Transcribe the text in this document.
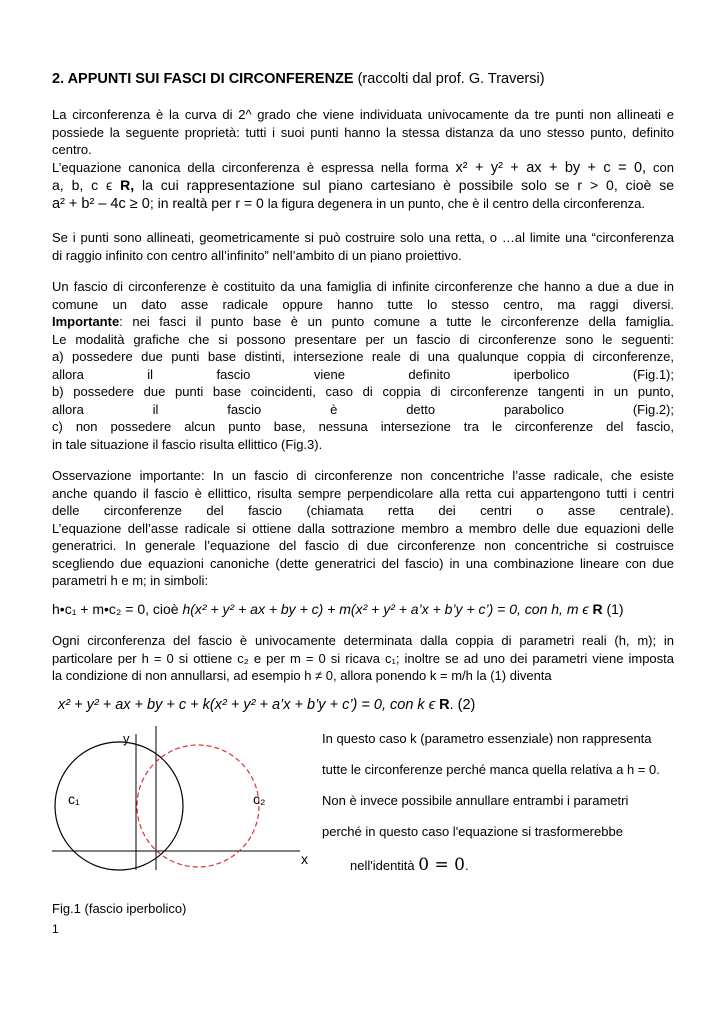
2. APPUNTI SUI FASCI DI CIRCONFERENZE (raccolti dal prof. G. Traversi)
La circonferenza è la curva di 2^ grado che viene individuata univocamente da tre punti non allineati e
possiede la seguente proprietà: tutti i suoi punti hanno la stessa distanza da uno stesso punto, definito
centro.
L’equazione canonica della circonferenza è espressa nella forma x² + y² + ax + by + c = 0, con
a, b, c ϵ R, la cui rappresentazione sul piano cartesiano è possibile solo se r > 0, cioè se
a² + b² – 4c ≥ 0; in realtà per r = 0 la figura degenera in un punto, che è il centro della circonferenza.
Se i punti sono allineati, geometricamente si può costruire solo una retta, o …al limite una “circonferenza
di raggio infinito con centro all’infinito” nell’ambito di un piano proiettivo.
Un fascio di circonferenze è costituito da una famiglia di infinite circonferenze che hanno a due a due in
comune un dato asse radicale oppure hanno tutte lo stesso centro, ma raggi diversi.
Importante: nei fasci il punto base è un punto comune a tutte le circonferenze della famiglia.
Le modalità grafiche che si possono presentare per un fascio di circonferenze sono le seguenti:
a) possedere due punti base distinti, intersezione reale di una qualunque coppia di circonferenze,
allora il fascio viene definito iperbolico (Fig.1);
b) possedere due punti base coincidenti, caso di coppia di circonferenze tangenti in un punto,
allora il fascio è detto parabolico (Fig.2);
c) non possedere alcun punto base, nessuna intersezione tra le circonferenze del fascio,
in tale situazione il fascio risulta ellittico (Fig.3).
Osservazione importante: In un fascio di circonferenze non concentriche l’asse radicale, che esiste
anche quando il fascio è ellittico, risulta sempre perpendicolare alla retta cui appartengono tutti i centri
delle circonferenze del fascio (chiamata retta dei centri o asse centrale).
L’equazione dell’asse radicale si ottiene dalla sottrazione membro a membro delle due equazioni delle
generatrici. In generale l’equazione del fascio di due circonferenze non concentriche si costruisce
scegliendo due equazioni canoniche (dette generatrici del fascio) in una combinazione lineare con due
parametri h e m; in simboli:
h•c₁ + m•c₂ = 0, cioè h(x² + y² + ax + by + c) + m(x² + y² + a’x + b’y + c’) = 0, con h, m ϵ R (1)
Ogni circonferenza del fascio è univocamente determinata dalla coppia di parametri reali (h, m); in particolare per h = 0 si ottiene c₂ e per m = 0 si ricava c₁; inoltre se ad uno dei parametri viene imposta la condizione di non annullarsi, ad esempio h ≠ 0, allora ponendo k = m/h la (1) diventa
x² + y² + ax + by + c + k(x² + y² + a’x + b’y + c’) = 0, con k ϵ R. (2)
y
x
c₁	c₂
In questo caso k (parametro essenziale) non rappresenta
tutte le circonferenze perché manca quella relativa a h = 0.
Non è invece possibile annullare entrambi i parametri
perché in questo caso l'equazione si trasformerebbe
nell'identità 0 = 0.
Fig.1 (fascio iperbolico)
1
